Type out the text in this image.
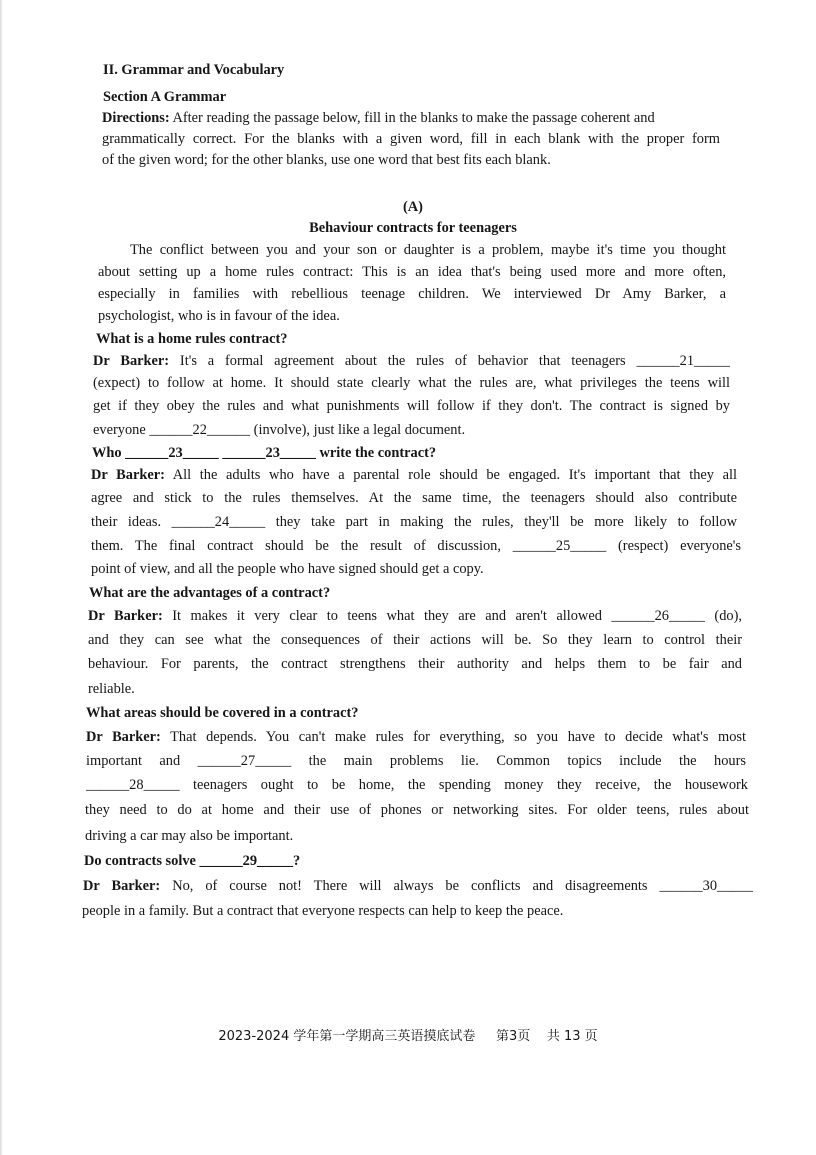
II. Grammar and Vocabulary
Section A Grammar
Directions: After reading the passage below, fill in the blanks to make the passage coherent and
grammatically correct. For the blanks with a given word, fill in each blank with the proper form
of the given word; for the other blanks, use one word that best fits each blank.
(A)
Behaviour contracts for teenagers
The conflict between you and your son or daughter is a problem, maybe it's time you thought
about setting up a home rules contract: This is an idea that's being used more and more often,
especially in families with rebellious teenage children. We interviewed Dr Amy Barker, a
psychologist, who is in favour of the idea.
What is a home rules contract?
Dr Barker: It's a formal agreement about the rules of behavior that teenagers ______21_____
(expect) to follow at home. It should state clearly what the rules are, what privileges the teens will
get if they obey the rules and what punishments will follow if they don't. The contract is signed by
everyone ______22______ (involve), just like a legal document.
Who ______23_____ ______23_____ write the contract?
Dr Barker: All the adults who have a parental role should be engaged. It's important that they all
agree and stick to the rules themselves. At the same time, the teenagers should also contribute
their ideas. ______24_____ they take part in making the rules, they'll be more likely to follow
them. The final contract should be the result of discussion, ______25_____ (respect) everyone's
point of view, and all the people who have signed should get a copy.
What are the advantages of a contract?
Dr Barker: It makes it very clear to teens what they are and aren't allowed ______26_____ (do),
and they can see what the consequences of their actions will be. So they learn to control their
behaviour. For parents, the contract strengthens their authority and helps them to be fair and
reliable.
What areas should be covered in a contract?
Dr Barker: That depends. You can't make rules for everything, so you have to decide what's most
important and ______27_____ the main problems lie. Common topics include the hours
______28_____ teenagers ought to be home, the spending money they receive, the housework
they need to do at home and their use of phones or networking sites. For older teens, rules about
driving a car may also be important.
Do contracts solve ______29_____?
Dr Barker: No, of course not! There will always be conflicts and disagreements ______30_____
people in a family. But a contract that everyone respects can help to keep the peace.
2023-2024 学年第一学期高三英语摸底试卷     第3页    共 13 页
